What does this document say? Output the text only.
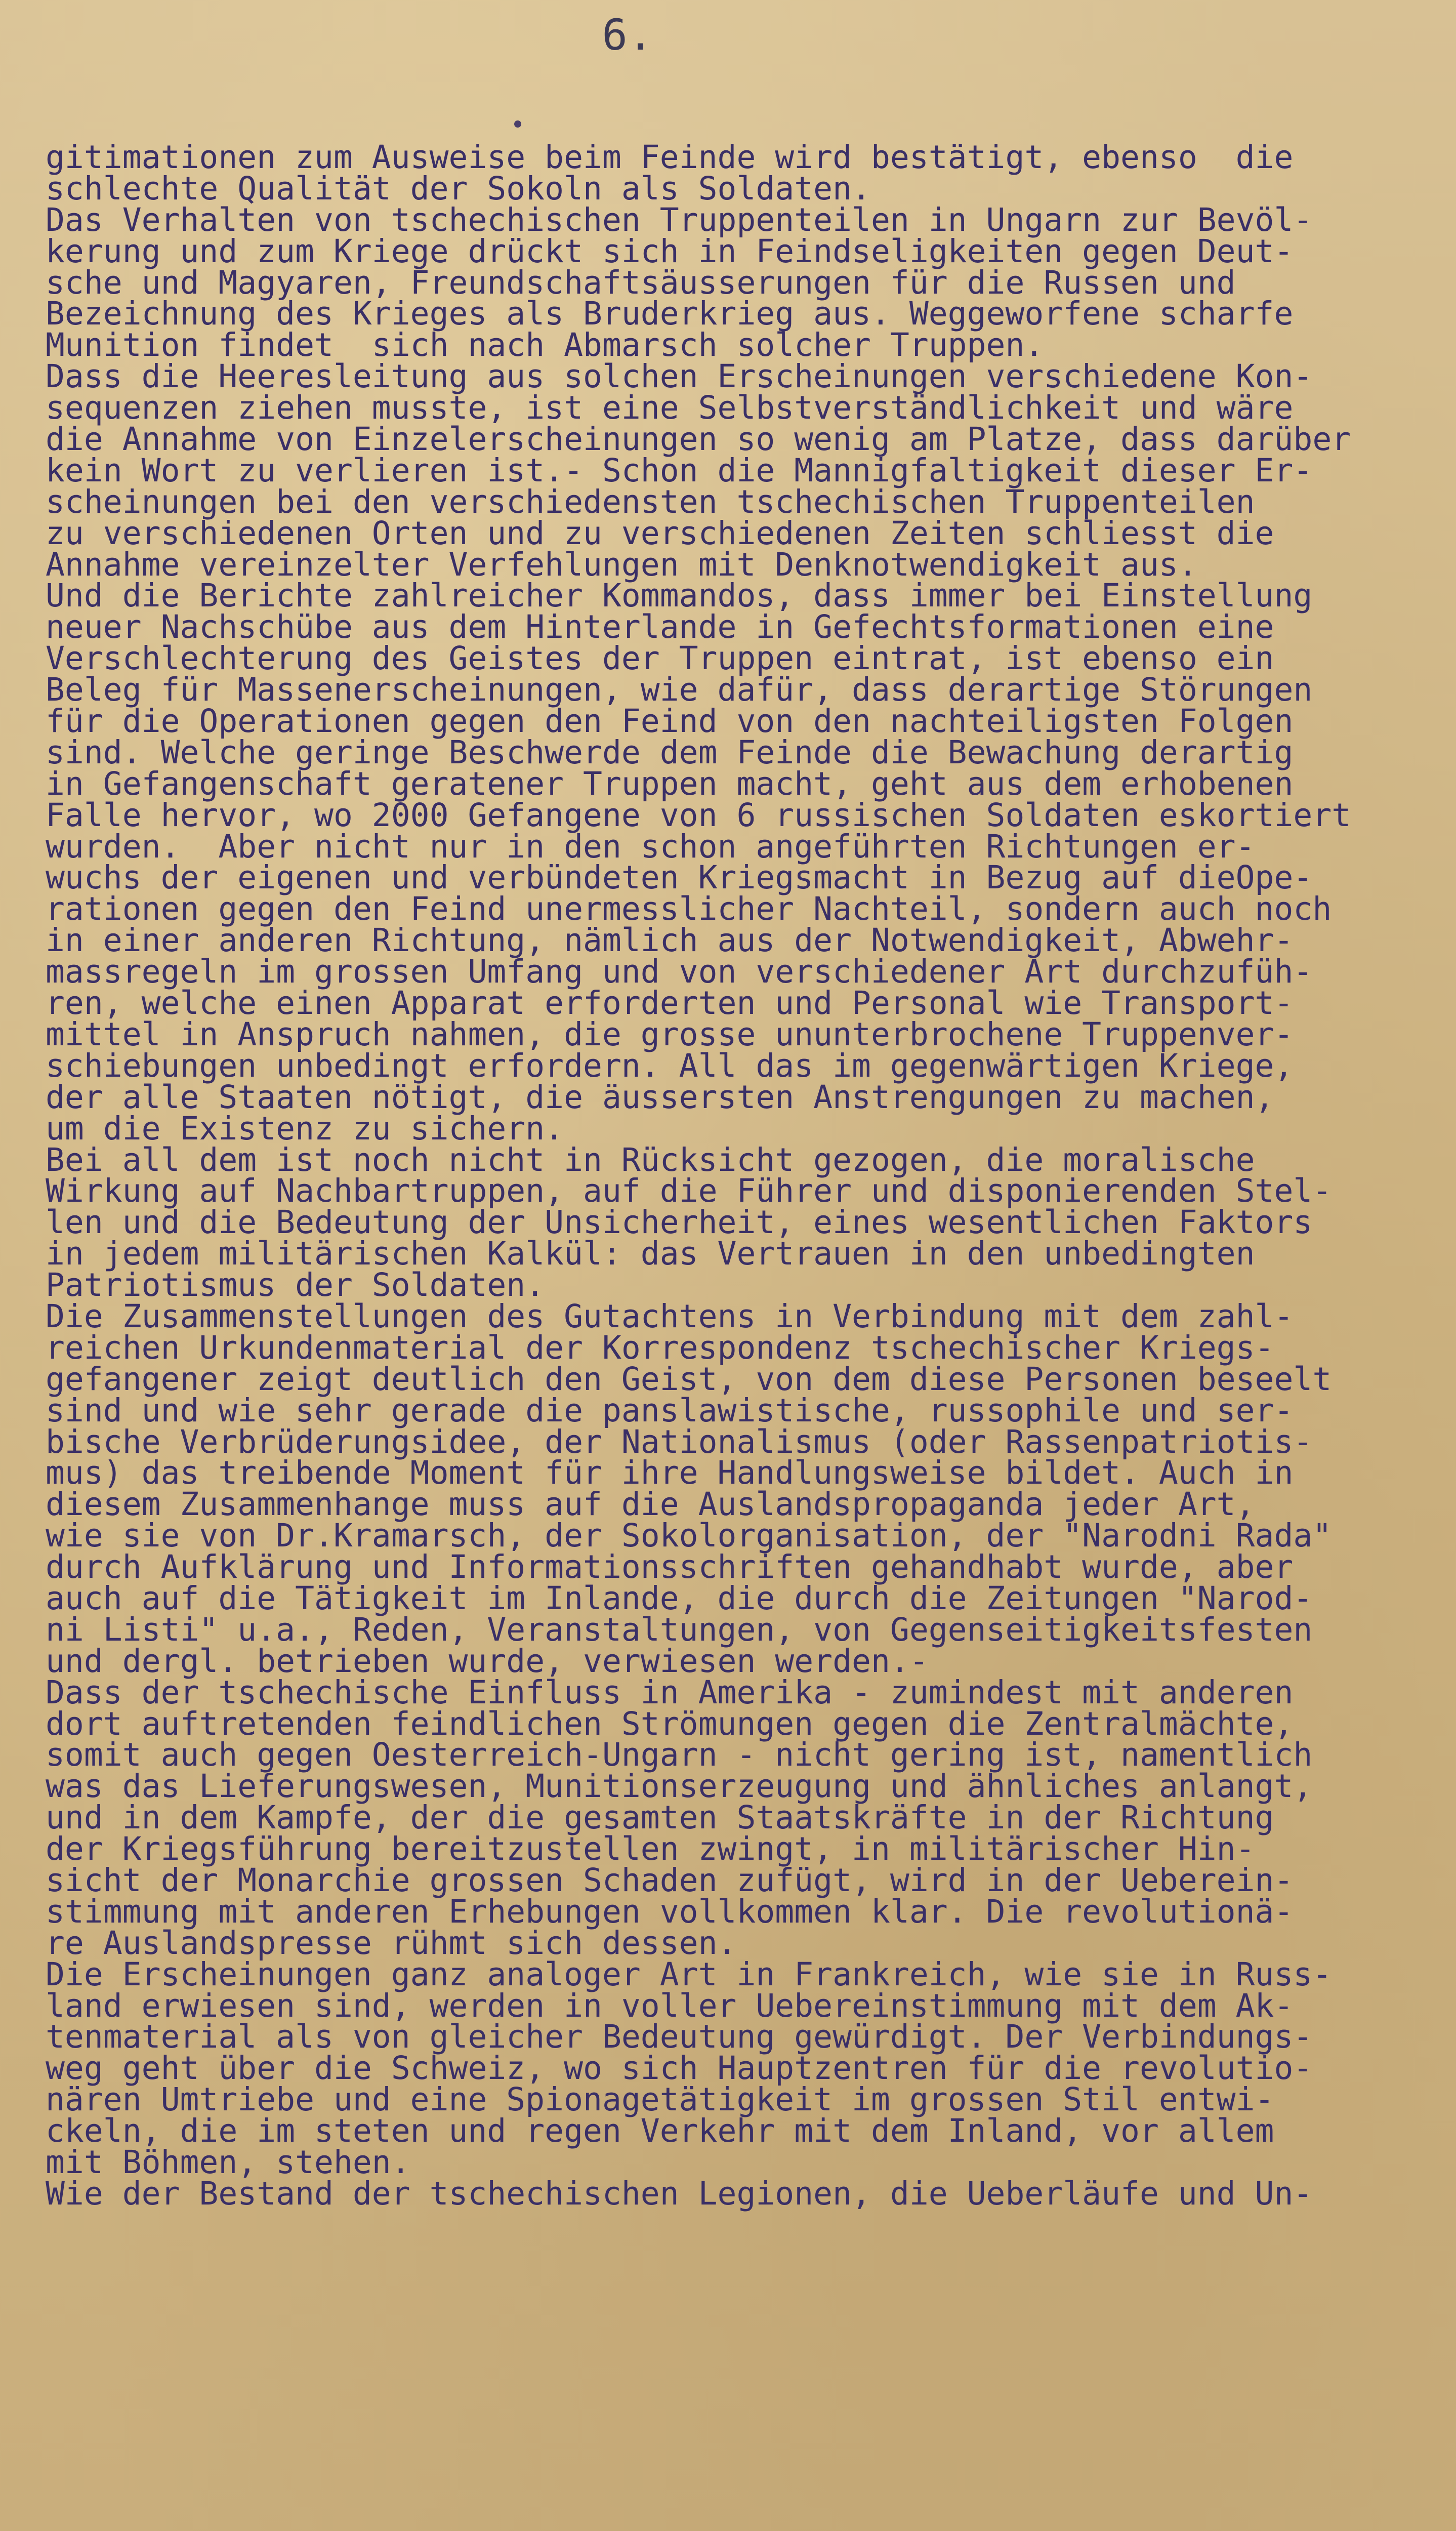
6.
gitimationen zum Ausweise beim Feinde wird bestätigt, ebenso  die
schlechte Qualität der Sokoln als Soldaten.
Das Verhalten von tschechischen Truppenteilen in Ungarn zur Bevöl-
kerung und zum Kriege drückt sich in Feindseligkeiten gegen Deut-
sche und Magyaren, Freundschaftsäusserungen für die Russen und
Bezeichnung des Krieges als Bruderkrieg aus. Weggeworfene scharfe
Munition findet  sich nach Abmarsch solcher Truppen.
Dass die Heeresleitung aus solchen Erscheinungen verschiedene Kon-
sequenzen ziehen musste, ist eine Selbstverständlichkeit und wäre
die Annahme von Einzelerscheinungen so wenig am Platze, dass darüber
kein Wort zu verlieren ist.- Schon die Mannigfaltigkeit dieser Er-
scheinungen bei den verschiedensten tschechischen Truppenteilen
zu verschiedenen Orten und zu verschiedenen Zeiten schliesst die
Annahme vereinzelter Verfehlungen mit Denknotwendigkeit aus.
Und die Berichte zahlreicher Kommandos, dass immer bei Einstellung
neuer Nachschübe aus dem Hinterlande in Gefechtsformationen eine
Verschlechterung des Geistes der Truppen eintrat, ist ebenso ein
Beleg für Massenerscheinungen, wie dafür, dass derartige Störungen
für die Operationen gegen den Feind von den nachteiligsten Folgen
sind. Welche geringe Beschwerde dem Feinde die Bewachung derartig
in Gefangenschaft geratener Truppen macht, geht aus dem erhobenen
Falle hervor, wo 2000 Gefangene von 6 russischen Soldaten eskortiert
wurden.  Aber nicht nur in den schon angeführten Richtungen er-
wuchs der eigenen und verbündeten Kriegsmacht in Bezug auf dieOpe-
rationen gegen den Feind unermesslicher Nachteil, sondern auch noch
in einer anderen Richtung, nämlich aus der Notwendigkeit, Abwehr-
massregeln im grossen Umfang und von verschiedener Art durchzufüh-
ren, welche einen Apparat erforderten und Personal wie Transport-
mittel in Anspruch nahmen, die grosse ununterbrochene Truppenver-
schiebungen unbedingt erfordern. All das im gegenwärtigen Kriege,
der alle Staaten nötigt, die äussersten Anstrengungen zu machen,
um die Existenz zu sichern.
Bei all dem ist noch nicht in Rücksicht gezogen, die moralische
Wirkung auf Nachbartruppen, auf die Führer und disponierenden Stel-
len und die Bedeutung der Unsicherheit, eines wesentlichen Faktors
in jedem militärischen Kalkül: das Vertrauen in den unbedingten
Patriotismus der Soldaten.
Die Zusammenstellungen des Gutachtens in Verbindung mit dem zahl-
reichen Urkundenmaterial der Korrespondenz tschechischer Kriegs-
gefangener zeigt deutlich den Geist, von dem diese Personen beseelt
sind und wie sehr gerade die panslawistische, russophile und ser-
bische Verbrüderungsidee, der Nationalismus (oder Rassenpatriotis-
mus) das treibende Moment für ihre Handlungsweise bildet. Auch in
diesem Zusammenhange muss auf die Auslandspropaganda jeder Art,
wie sie von Dr.Kramarsch, der Sokolorganisation, der "Narodni Rada"
durch Aufklärung und Informationsschriften gehandhabt wurde, aber
auch auf die Tätigkeit im Inlande, die durch die Zeitungen "Narod-
ni Listi" u.a., Reden, Veranstaltungen, von Gegenseitigkeitsfesten
und dergl. betrieben wurde, verwiesen werden.-
Dass der tschechische Einfluss in Amerika - zumindest mit anderen
dort auftretenden feindlichen Strömungen gegen die Zentralmächte,
somit auch gegen Oesterreich-Ungarn - nicht gering ist, namentlich
was das Lieferungswesen, Munitionserzeugung und ähnliches anlangt,
und in dem Kampfe, der die gesamten Staatskräfte in der Richtung
der Kriegsführung bereitzustellen zwingt, in militärischer Hin-
sicht der Monarchie grossen Schaden zufügt, wird in der Ueberein-
stimmung mit anderen Erhebungen vollkommen klar. Die revolutionä-
re Auslandspresse rühmt sich dessen.
Die Erscheinungen ganz analoger Art in Frankreich, wie sie in Russ-
land erwiesen sind, werden in voller Uebereinstimmung mit dem Ak-
tenmaterial als von gleicher Bedeutung gewürdigt. Der Verbindungs-
weg geht über die Schweiz, wo sich Hauptzentren für die revolutio-
nären Umtriebe und eine Spionagetätigkeit im grossen Stil entwi-
ckeln, die im steten und regen Verkehr mit dem Inland, vor allem
mit Böhmen, stehen.
Wie der Bestand der tschechischen Legionen, die Ueberläufe und Un-
